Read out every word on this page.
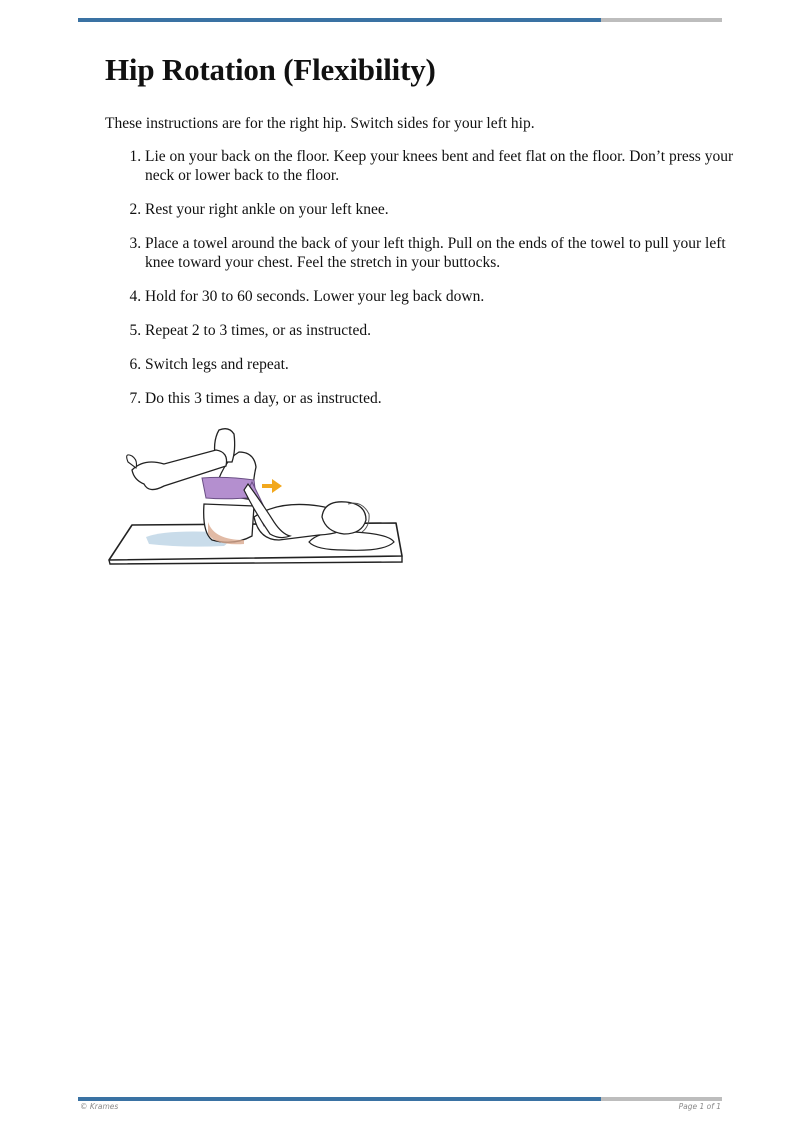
Hip Rotation (Flexibility)

These instructions are for the right hip. Switch sides for your left hip.

1. Lie on your back on the floor. Keep your knees bent and feet flat on the floor. Don’t press your neck or lower back to the floor.
2. Rest your right ankle on your left knee.
3. Place a towel around the back of your left thigh. Pull on the ends of the towel to pull your left knee toward your chest. Feel the stretch in your buttocks.
4. Hold for 30 to 60 seconds. Lower your leg back down.
5. Repeat 2 to 3 times, or as instructed.
6. Switch legs and repeat.
7. Do this 3 times a day, or as instructed.
© Krames	Page 1 of 1
